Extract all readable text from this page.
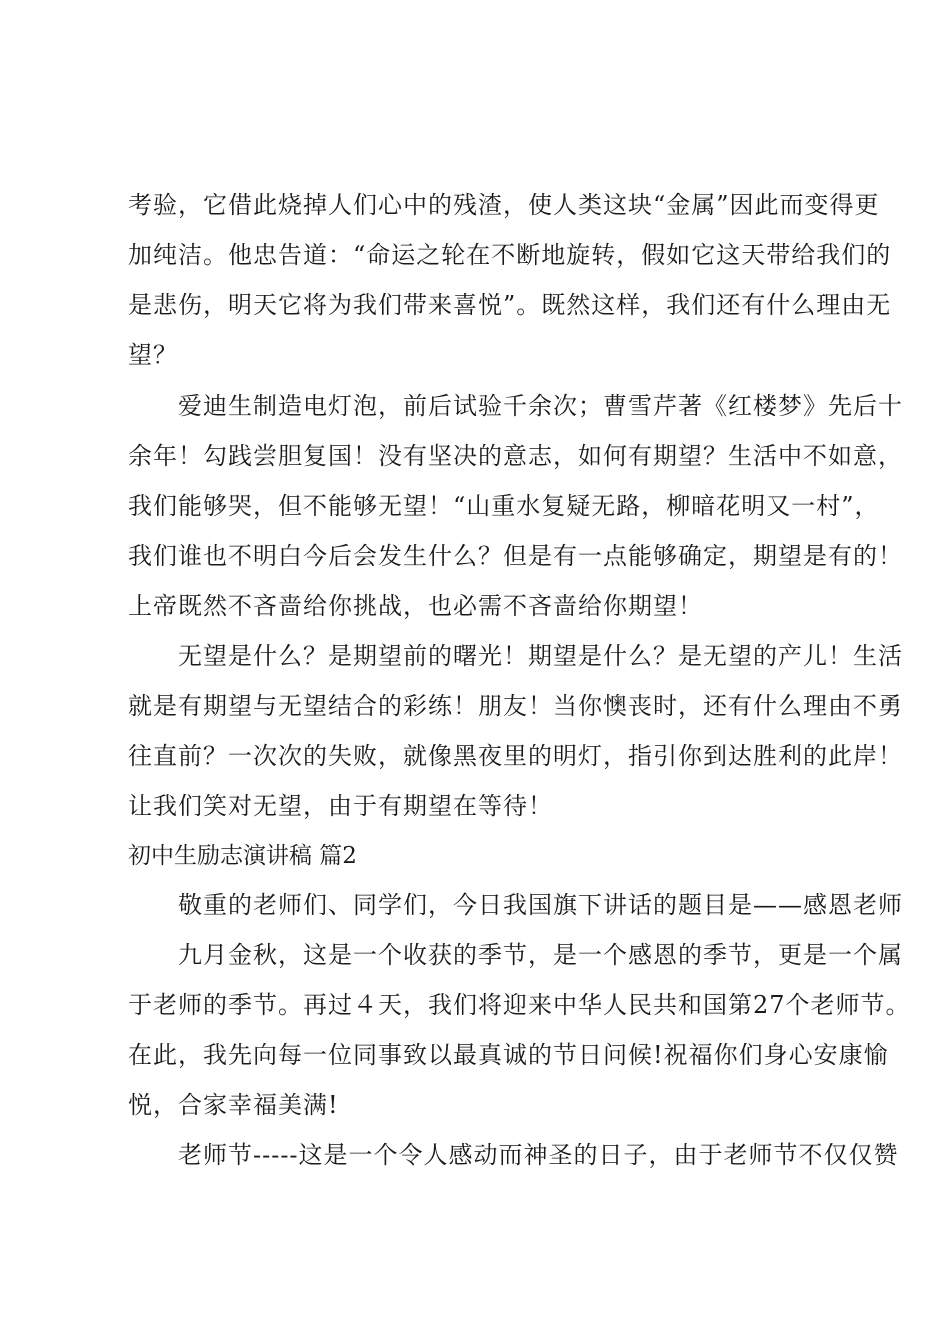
考验，它借此烧掉人们心中的残渣，使人类这块“金属”因此而变得更
加纯洁。他忠告道：“命运之轮在不断地旋转，假如它这天带给我们的
是悲伤，明天它将为我们带来喜悦”。既然这样，我们还有什么理由无
望？
　　爱迪生制造电灯泡，前后试验千余次；曹雪芹著《红楼梦》先后十
余年！勾践尝胆复国！没有坚决的意志，如何有期望？生活中不如意，
我们能够哭，但不能够无望！“山重水复疑无路，柳暗花明又一村”，
我们谁也不明白今后会发生什么？但是有一点能够确定，期望是有的！
上帝既然不吝啬给你挑战，也必需不吝啬给你期望！
　　无望是什么？是期望前的曙光！期望是什么？是无望的产儿！生活
就是有期望与无望结合的彩练！朋友！当你懊丧时，还有什么理由不勇
往直前？一次次的失败，就像黑夜里的明灯，指引你到达胜利的此岸！
让我们笑对无望，由于有期望在等待！
初中生励志演讲稿 篇2
　　敬重的老师们、同学们，今日我国旗下讲话的题目是——感恩老师
　　九月金秋，这是一个收获的季节，是一个感恩的季节，更是一个属
于老师的季节。再过４天，我们将迎来中华人民共和国第27个老师节。
在此，我先向每一位同事致以最真诚的节日问候!祝福你们身心安康愉
悦，合家幸福美满!
　　老师节-----这是一个令人感动而神圣的日子，由于老师节不仅仅赞
